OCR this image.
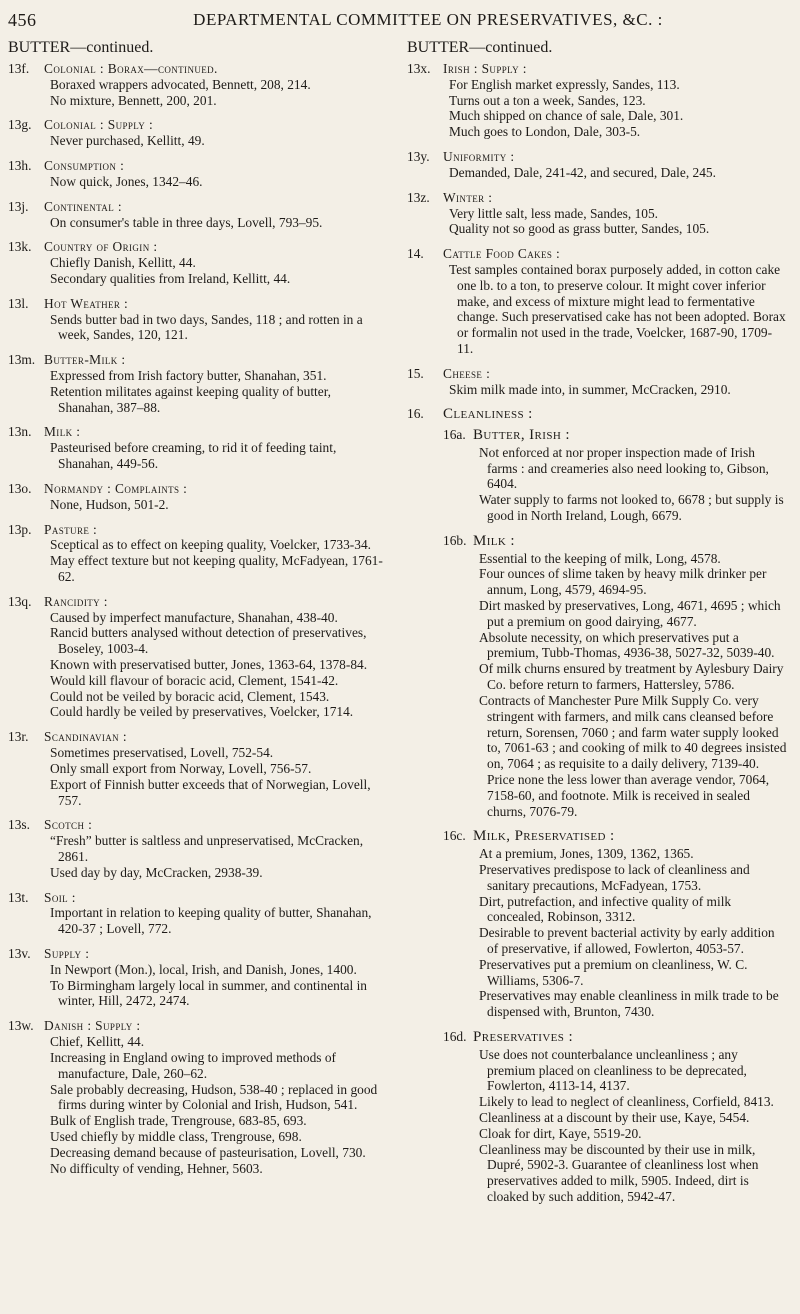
456	DEPARTMENTAL COMMITTEE ON PRESERVATIVES, &C. :
BUTTER—continued.
13f.	Colonial : Borax—continued.
Boraxed wrappers advocated, Bennett, 208, 214.
No mixture, Bennett, 200, 201.
13g. Colonial : Supply :
Never purchased, Kellitt, 49.
13h. Consumption :
Now quick, Jones, 1342–46.
13j.	Continental :
On consumer's table in three days, Lovell, 793–95.
13k. Country of Origin :
Chiefly Danish, Kellitt, 44.
Secondary qualities from Ireland, Kellitt, 44.
13l.	Hot Weather :
Sends butter bad in two days, Sandes, 118 ; and rotten in a week, Sandes, 120, 121.
13m. Butter-Milk :
Expressed from Irish factory butter, Shanahan, 351.
Retention militates against keeping quality of butter, Shanahan, 387–88.
13n. Milk :
Pasteurised before creaming, to rid it of feeding taint, Shanahan, 449-56.
13o. Normandy : Complaints :
None, Hudson, 501-2.
13p. Pasture :
Sceptical as to effect on keeping quality, Voelcker, 1733-34.
May effect texture but not keeping quality, McFadyean, 1761-62.
13q. Rancidity :
Caused by imperfect manufacture, Shanahan, 438-40.
Rancid butters analysed without detection of preservatives, Boseley, 1003-4.
Known with preservatised butter, Jones, 1363-64, 1378-84.
Would kill flavour of boracic acid, Clement, 1541-42.
Could not be veiled by boracic acid, Clement, 1543.
Could hardly be veiled by preservatives, Voelcker, 1714.
13r.	Scandinavian :
Sometimes preservatised, Lovell, 752-54.
Only small export from Norway, Lovell, 756-57.
Export of Finnish butter exceeds that of Norwegian, Lovell, 757.
13s.	Scotch :
“Fresh” butter is saltless and unpreservatised, McCracken, 2861.
Used day by day, McCracken, 2938-39.
13t.	Soil :
Important in relation to keeping quality of butter, Shanahan, 420-37 ; Lovell, 772.
13v.	Supply :
In Newport (Mon.), local, Irish, and Danish, Jones, 1400.
To Birmingham largely local in summer, and continental in winter, Hill, 2472, 2474.
13w. Danish : Supply :
Chief, Kellitt, 44.
Increasing in England owing to improved methods of manufacture, Dale, 260–62.
Sale probably decreasing, Hudson, 538-40 ; replaced in good firms during winter by Colonial and Irish, Hudson, 541.
Bulk of English trade, Trengrouse, 683-85, 693.
Used chiefly by middle class, Trengrouse, 698.
Decreasing demand because of pasteurisation, Lovell, 730.
No difficulty of vending, Hehner, 5603.
BUTTER—continued.
13x. Irish : Supply :
For English market expressly, Sandes, 113.
Turns out a ton a week, Sandes, 123.
Much shipped on chance of sale, Dale, 301.
Much goes to London, Dale, 303-5.
13y.	Uniformity :
Demanded, Dale, 241-42, and secured, Dale, 245.
13z. Winter :
Very little salt, less made, Sandes, 105.
Quality not so good as grass butter, Sandes, 105.
14.	Cattle Food Cakes :
Test samples contained borax purposely added, in cotton cake one lb. to a ton, to preserve colour. It might cover inferior make, and excess of mixture might lead to fermentative change. Such preservatised cake has not been adopted. Borax or formalin not used in the trade, Voelcker, 1687-90, 1709-11.
15.	Cheese :
Skim milk made into, in summer, McCracken, 2910.
16.	Cleanliness :
16a. Butter, Irish :
Not enforced at nor proper inspection made of Irish farms : and creameries also need looking to, Gibson, 6404.
Water supply to farms not looked to, 6678 ; but supply is good in North Ireland, Lough, 6679.
16b. Milk :
Essential to the keeping of milk, Long, 4578.
Four ounces of slime taken by heavy milk drinker per annum, Long, 4579, 4694-95.
Dirt masked by preservatives, Long, 4671, 4695 ; which put a premium on good dairying, 4677.
Absolute necessity, on which preservatives put a premium, Tubb-Thomas, 4936-38, 5027-32, 5039-40.
Of milk churns ensured by treatment by Aylesbury Dairy Co. before return to farmers, Hattersley, 5786.
Contracts of Manchester Pure Milk Supply Co. very stringent with farmers, and milk cans cleansed before return, Sorensen, 7060 ; and farm water supply looked to, 7061-63 ; and cooking of milk to 40 degrees insisted on, 7064 ; as requisite to a daily delivery, 7139-40. Price none the less lower than average vendor, 7064, 7158-60, and footnote. Milk is received in sealed churns, 7076-79.
16c. Milk, Preservatised :
At a premium, Jones, 1309, 1362, 1365.
Preservatives predispose to lack of cleanliness and sanitary precautions, McFadyean, 1753.
Dirt, putrefaction, and infective quality of milk concealed, Robinson, 3312.
Desirable to prevent bacterial activity by early addition of preservative, if allowed, Fowlerton, 4053-57.
Preservatives put a premium on cleanliness, W. C. Williams, 5306-7.
Preservatives may enable cleanliness in milk trade to be dispensed with, Brunton, 7430.
16d. Preservatives :
Use does not counterbalance uncleanliness ; any premium placed on cleanliness to be deprecated, Fowlerton, 4113-14, 4137.
Likely to lead to neglect of cleanliness, Corfield, 8413.
Cleanliness at a discount by their use, Kaye, 5454.
Cloak for dirt, Kaye, 5519-20.
Cleanliness may be discounted by their use in milk, Dupré, 5902-3. Guarantee of cleanliness lost when preservatives added to milk, 5905. Indeed, dirt is cloaked by such addition, 5942-47.
